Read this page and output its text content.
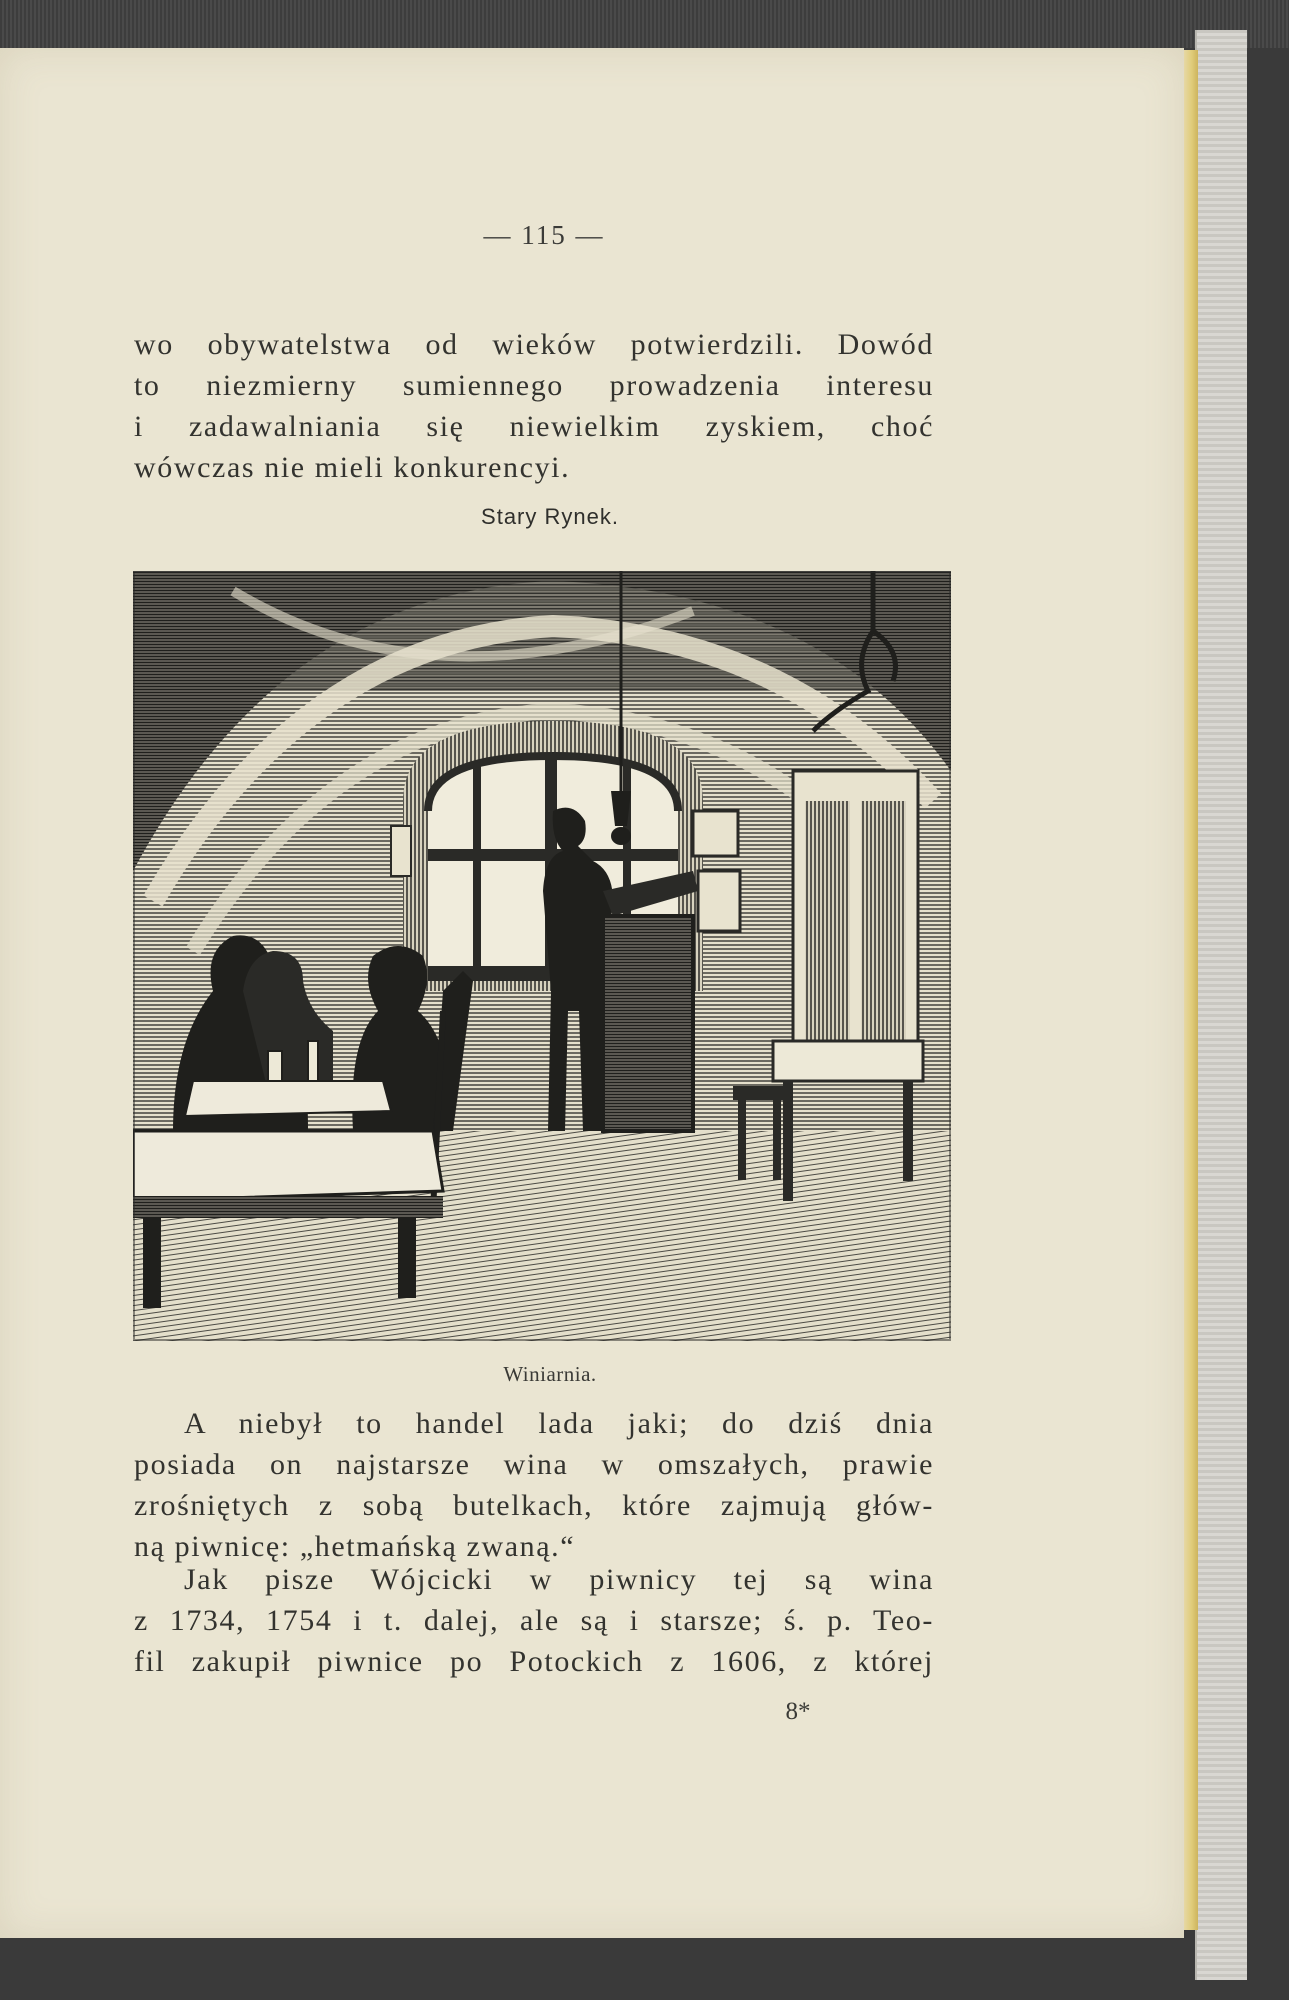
— 115 —
wo obywatelstwa od wieków potwierdzili. Dowód
to niezmierny sumiennego prowadzenia interesu
i zadawalniania się niewielkim zyskiem, choć
wówczas nie mieli konkurencyi.
Stary Rynek.
Winiarnia.
A niebył to handel lada jaki; do dziś dnia
posiada on najstarsze wina w omszałych, prawie
zrośniętych z sobą butelkach, które zajmują głów-
ną piwnicę: „hetmańską zwaną.“
Jak pisze Wójcicki w piwnicy tej są wina
z 1734, 1754 i t. dalej, ale są i starsze; ś. p. Teo-
fil zakupił piwnice po Potockich z 1606, z której
8*
